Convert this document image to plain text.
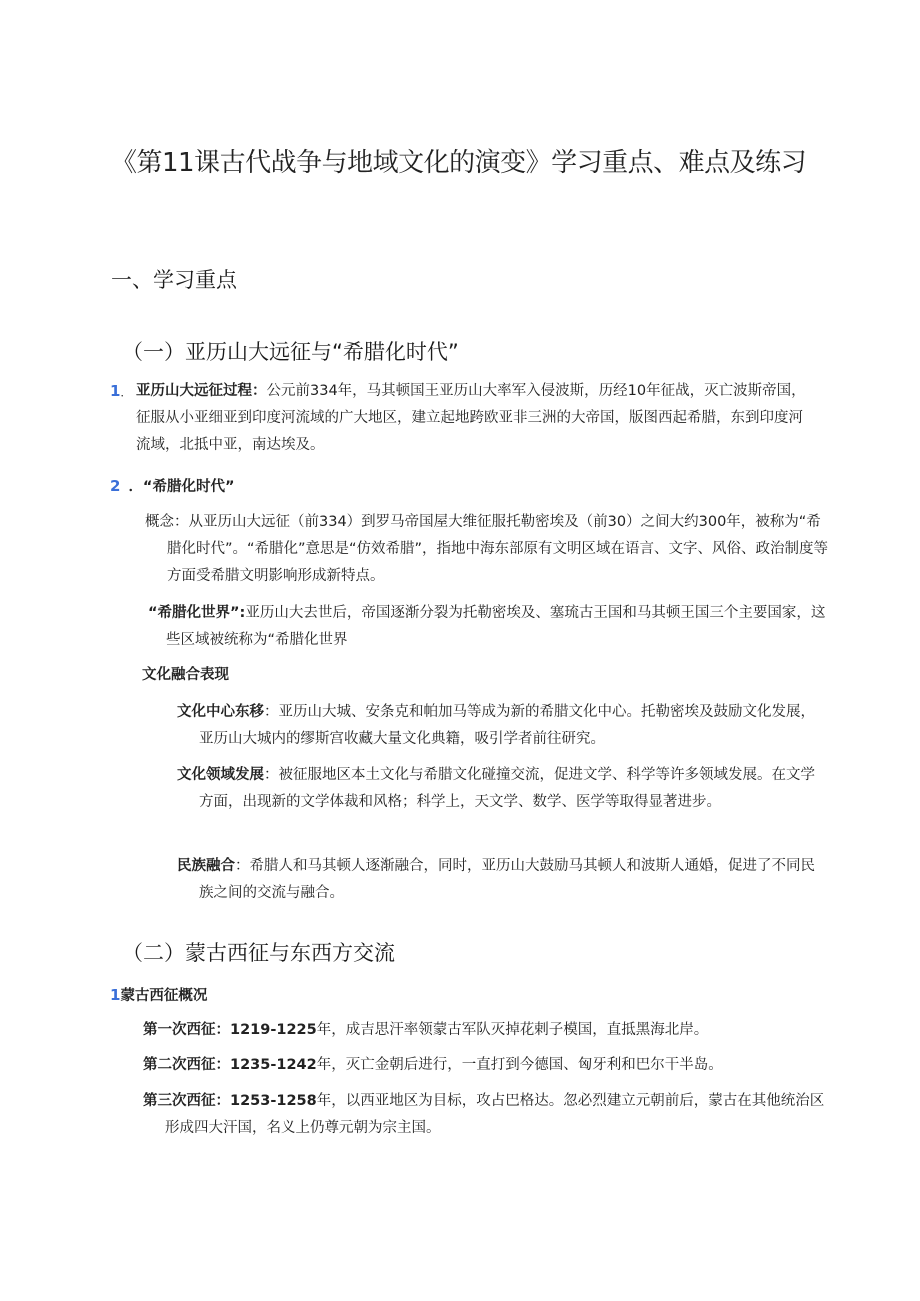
《第11课古代战争与地域文化的演变》学习重点、难点及练习
一、学习重点
（一）亚历山大远征与“希腊化时代”
1． 亚历山大远征过程：公元前334年，马其顿国王亚历山大率军入侵波斯，历经10年征战，灭亡波斯帝国，征服从小亚细亚到印度河流域的广大地区，建立起地跨欧亚非三洲的大帝国，版图西起希腊，东到印度河流域，北抵中亚，南达埃及。
2 ．“希腊化时代”
概念：从亚历山大远征（前334）到罗马帝国屋大维征服托勒密埃及（前30）之间大约300年，被称为“希腊化时代”。“希腊化”意思是“仿效希腊”，指地中海东部原有文明区域在语言、文字、风俗、政治制度等方面受希腊文明影响形成新特点。
“希腊化世界”:亚历山大去世后，帝国逐渐分裂为托勒密埃及、塞琉古王国和马其顿王国三个主要国家，这些区域被统称为“希腊化世界
文化融合表现
文化中心东移：亚历山大城、安条克和帕加马等成为新的希腊文化中心。托勒密埃及鼓励文化发展，亚历山大城内的缪斯宫收藏大量文化典籍，吸引学者前往研究。
文化领域发展：被征服地区本土文化与希腊文化碰撞交流，促进文学、科学等许多领域发展。在文学方面，出现新的文学体裁和风格；科学上，天文学、数学、医学等取得显著进步。
民族融合：希腊人和马其顿人逐渐融合，同时，亚历山大鼓励马其顿人和波斯人通婚，促进了不同民族之间的交流与融合。
（二）蒙古西征与东西方交流
1蒙古西征概况
第一次西征：1219-1225年，成吉思汗率领蒙古军队灭掉花剌子模国，直抵黑海北岸。
第二次西征：1235-1242年，灭亡金朝后进行，一直打到今德国、匈牙利和巴尔干半岛。
第三次西征：1253-1258年，以西亚地区为目标，攻占巴格达。忽必烈建立元朝前后，蒙古在其他统治区形成四大汗国，名义上仍尊元朝为宗主国。
